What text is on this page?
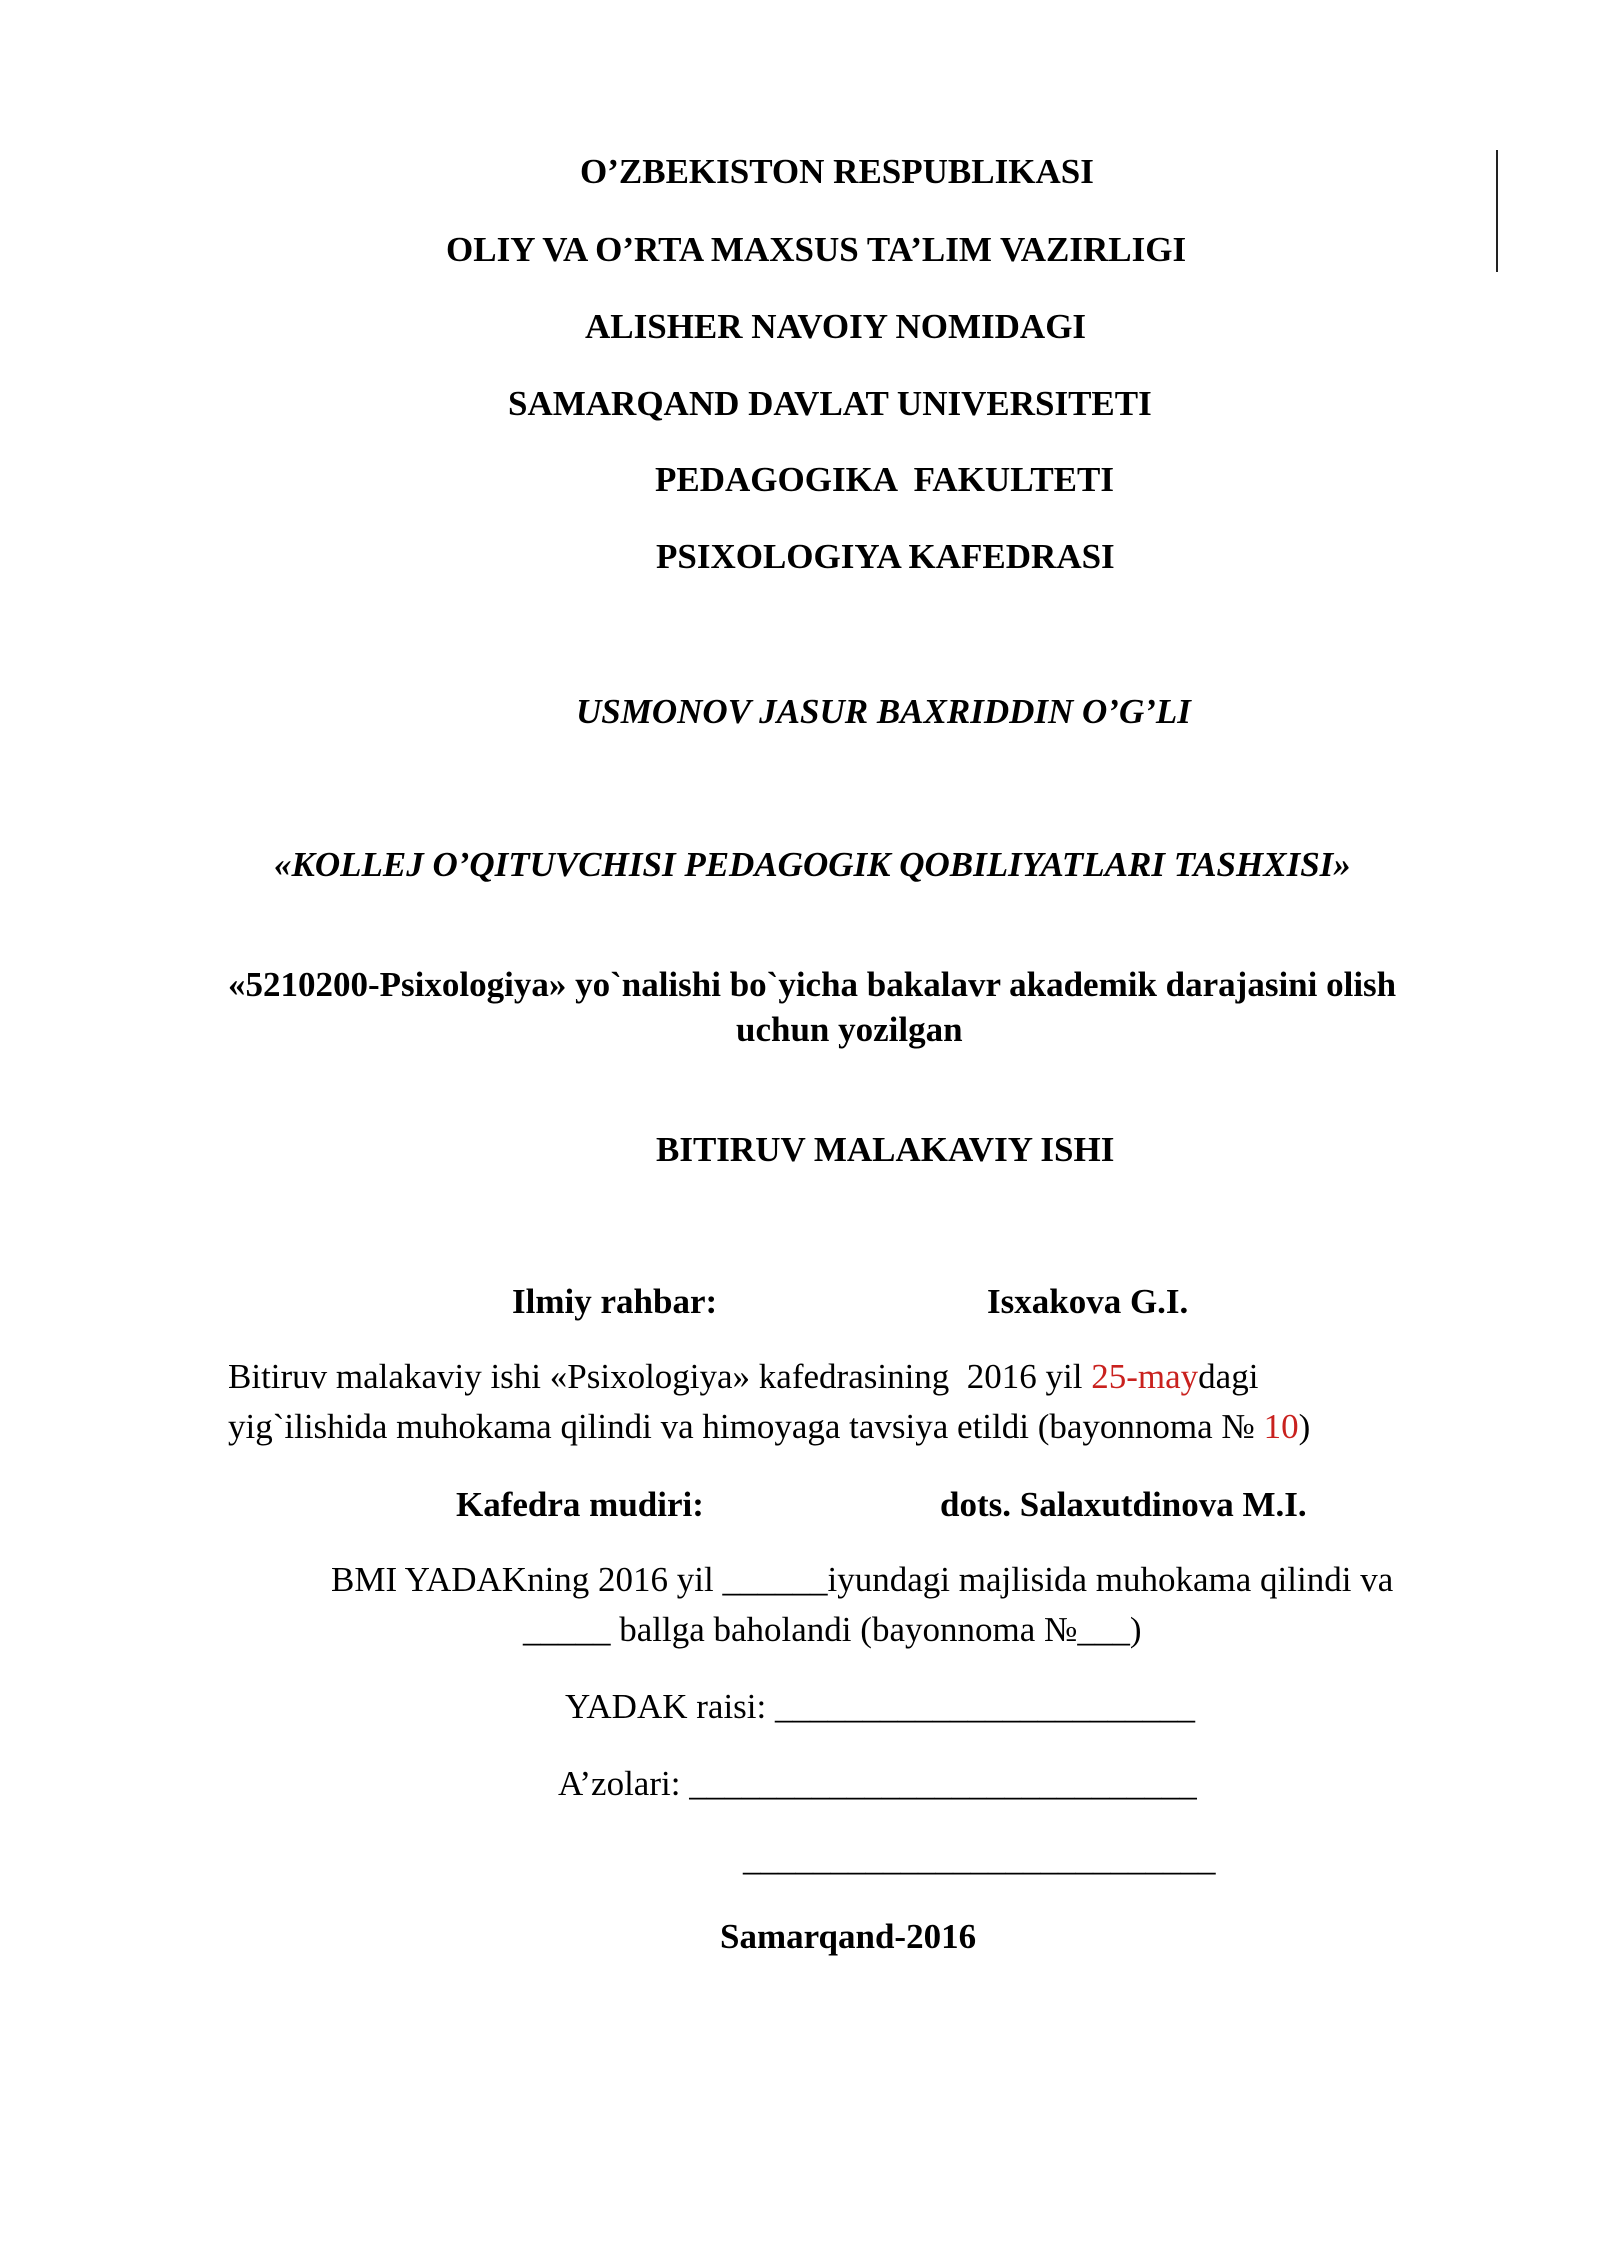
O’ZBEKISTON RESPUBLIKASI
OLIY VA O’RTA MAXSUS TA’LIM VAZIRLIGI
ALISHER NAVOIY NOMIDAGI
SAMARQAND DAVLAT UNIVERSITETI
PEDAGOGIKA  FAKULTETI
PSIXOLOGIYA KAFEDRASI
USMONOV JASUR BAXRIDDIN O’G’LI
«KOLLEJ O’QITUVCHISI PEDAGOGIK QOBILIYATLARI TASHXISI»
«5210200-Psixologiya» yo`nalishi bo`yicha bakalavr akademik darajasini olish
uchun yozilgan
BITIRUV MALAKAVIY ISHI
Ilmiy rahbar:	Isxakova G.I.
Bitiruv malakaviy ishi «Psixologiya» kafedrasining  2016 yil 25-maydagi
yig`ilishida muhokama qilindi va himoyaga tavsiya etildi (bayonnoma № 10)
Kafedra mudiri:	dots. Salaxutdinova M.I.
BMI YADAKning 2016 yil ______iyundagi majlisida muhokama qilindi va
_____ ballga baholandi (bayonnoma №___)
YADAK raisi: ________________________
A’zolari: _____________________________
___________________________
Samarqand-2016
